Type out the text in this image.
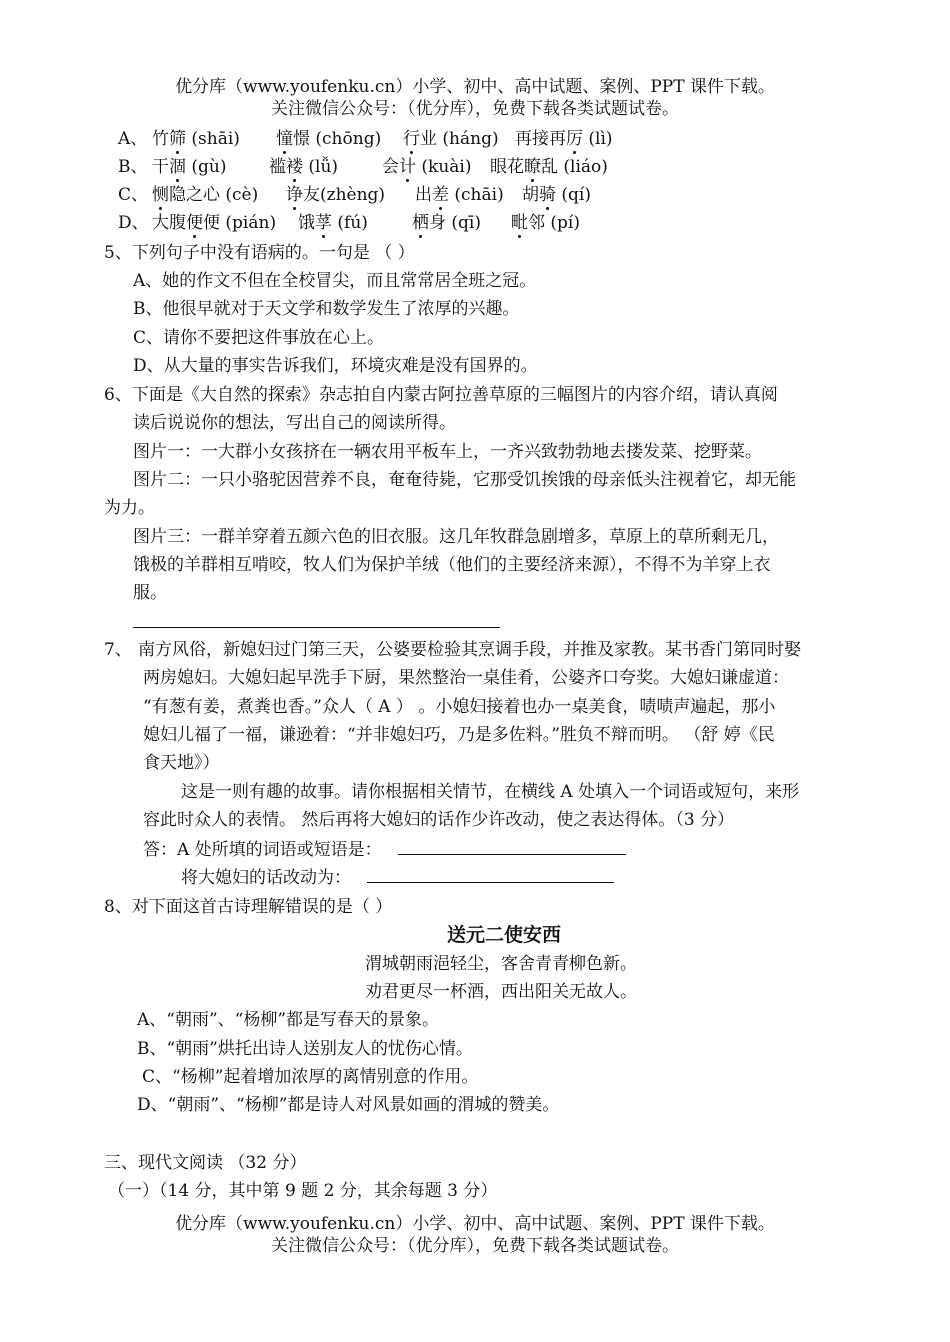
优分库（www.youfenku.cn）小学、初中、高中试题、案例、PPT 课件下载。
关注微信公众号：（优分库），免费下载各类试题试卷。
A、 竹筛 (shāi) 憧憬 (chōng) 行业 (háng) 再接再厉 (lì)
B、 干涸 (gù)	褴褛 (lǚ)	会计 (kuài) 眼花瞭乱 (liáo)
C、 恻隐之心 (cè) 诤友(zhèng) 出差 (chāi) 胡骑 (qí)
D、 大腹便便 (pián) 饿莩 (fú)	栖身 (qī) 毗邻 (pí)
5、下列句子中没有语病的。一句是 （ ）
A、她的作文不但在全校冒尖，而且常常居全班之冠。
B、他很早就对于天文学和数学发生了浓厚的兴趣。
C、请你不要把这件事放在心上。
D、从大量的事实告诉我们，环境灾难是没有国界的。
6、下面是《大自然的探索》杂志拍自内蒙古阿拉善草原的三幅图片的内容介绍，请认真阅
读后说说你的想法，写出自己的阅读所得。
图片一：一大群小女孩挤在一辆农用平板车上，一齐兴致勃勃地去搂发菜、挖野菜。
图片二：一只小骆驼因营养不良，奄奄待毙，它那受饥挨饿的母亲低头注视着它，却无能
为力。
图片三：一群羊穿着五颜六色的旧衣服。这几年牧群急剧增多，草原上的草所剩无几，
饿极的羊群相互啃咬，牧人们为保护羊绒（他们的主要经济来源），不得不为羊穿上衣
服。
7、 南方风俗，新媳妇过门第三天，公婆要检验其烹调手段，并推及家教。某书香门第同时娶
两房媳妇。大媳妇起早洗手下厨，果然整治一桌佳肴，公婆齐口夸奖。大媳妇谦虚道：
“有葱有姜，煮粪也香。”众人（ A ） 。小媳妇接着也办一桌美食，啧啧声遍起，那小
媳妇儿福了一福，谦逊着：“并非媳妇巧，乃是多佐料。”胜负不辩而明。 （舒 婷《民
食天地》）
这是一则有趣的故事。请你根据相关情节，在横线 A 处填入一个词语或短句，来形
容此时众人的表情。 然后再将大媳妇的话作少许改动，使之表达得体。（3 分）
答：A 处所填的词语或短语是：
将大媳妇的话改动为：
8、对下面这首古诗理解错误的是（ ）
送元二使安西
渭城朝雨浥轻尘，客舍青青柳色新。
劝君更尽一杯酒，西出阳关无故人。
A、“朝雨”、“杨柳”都是写春天的景象。
B、“朝雨”烘托出诗人送别友人的忧伤心情。
C、“杨柳”起着增加浓厚的离情别意的作用。
D、“朝雨”、“杨柳”都是诗人对风景如画的渭城的赞美。
三、现代文阅读 （32 分）
（一）（14 分，其中第 9 题 2 分，其余每题 3 分）
优分库（www.youfenku.cn）小学、初中、高中试题、案例、PPT 课件下载。
关注微信公众号：（优分库），免费下载各类试题试卷。
